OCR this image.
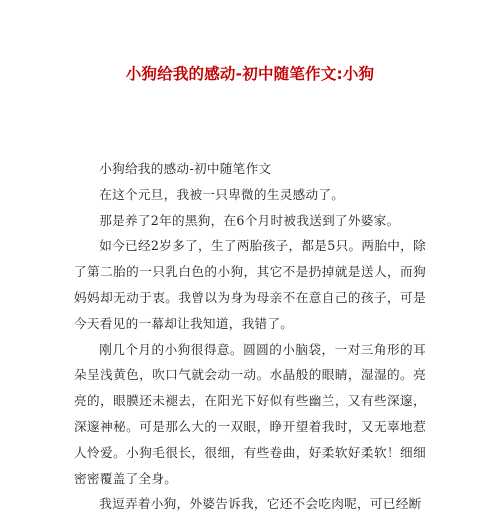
小狗给我的感动-初中随笔作文:小狗

小狗给我的感动-初中随笔作文

在这个元旦，我被一只卑微的生灵感动了。

那是养了2年的黑狗，在6个月时被我送到了外婆家。

如今已经2岁多了，生了两胎孩子，都是5只。两胎中，除了第二胎的一只乳白色的小狗，其它不是扔掉就是送人，而狗妈妈却无动于衷。我曾以为身为母亲不在意自己的孩子，可是今天看见的一幕却让我知道，我错了。

刚几个月的小狗很得意。圆圆的小脑袋，一对三角形的耳朵呈浅黄色，吹口气就会动一动。水晶般的眼睛，湿湿的。亮亮的，眼膜还未褪去，在阳光下好似有些幽兰，又有些深邃，深邃神秘。可是那么大的一双眼，睁开望着我时，又无辜地惹人怜爱。小狗毛很长，很细，有些卷曲，好柔软好柔软！细细密密覆盖了全身。

我逗弄着小狗，外婆告诉我，它还不会吃肉呢，可已经断
